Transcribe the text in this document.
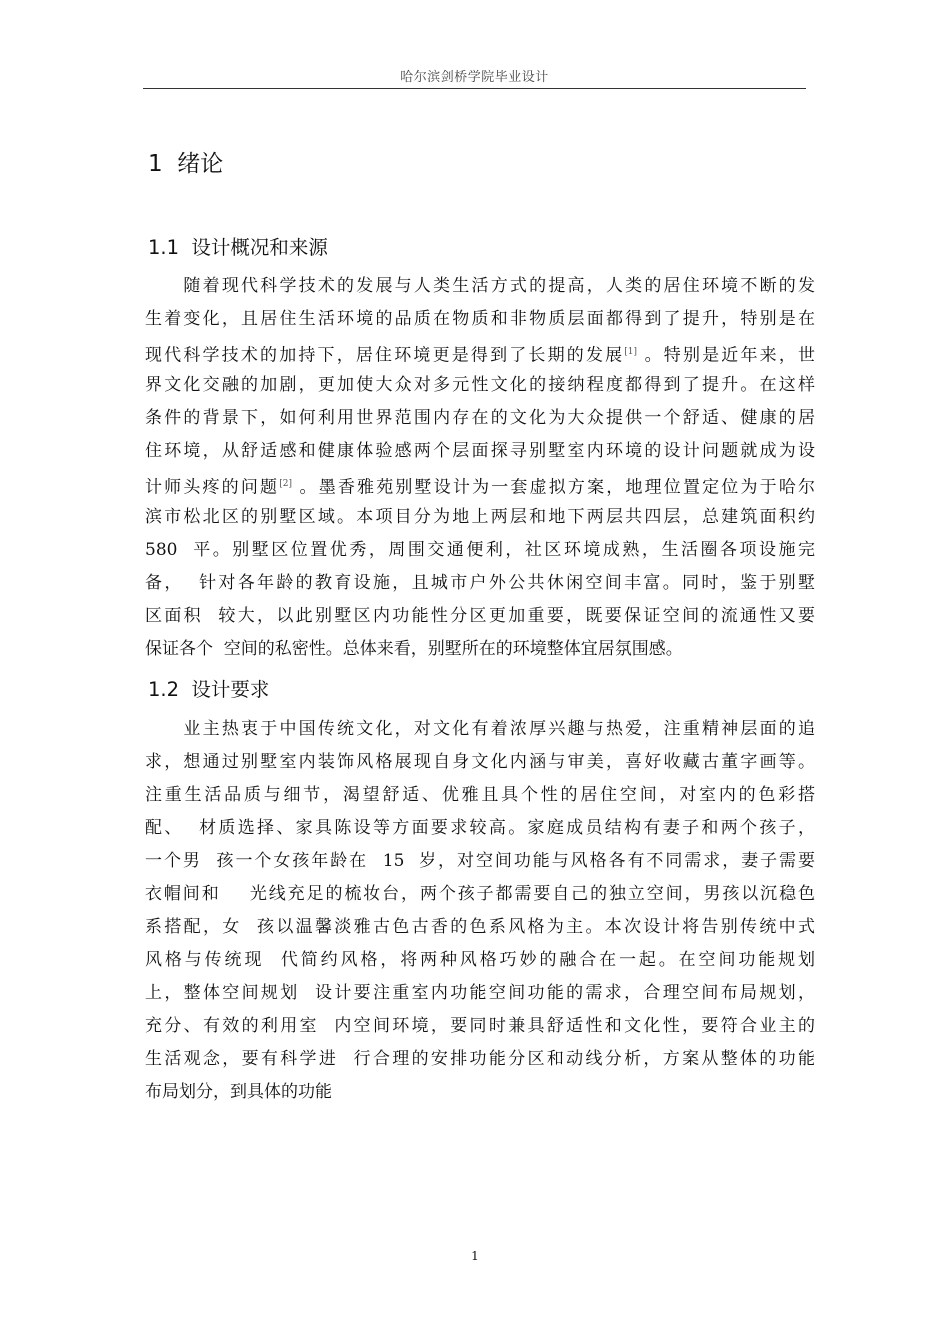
哈尔滨剑桥学院毕业设计
1  绪论
1.1  设计概况和来源
　　随着现代科学技术的发展与人类生活方式的提高，人类的居住环境不断的发
生着变化，且居住生活环境的品质在物质和非物质层面都得到了提升，特别是在
现代科学技术的加持下，居住环境更是得到了长期的发展[1] 。特别是近年来，世
界文化交融的加剧，更加使大众对多元性文化的接纳程度都得到了提升。在这样
条件的背景下，如何利用世界范围内存在的文化为大众提供一个舒适、健康的居
住环境，从舒适感和健康体验感两个层面探寻别墅室内环境的设计问题就成为设
计师头疼的问题[2] 。墨香雅苑别墅设计为一套虚拟方案，地理位置定位为于哈尔
滨市松北区的别墅区域。本项目分为地上两层和地下两层共四层，总建筑面积约
580  平。别墅区位置优秀，周围交通便利，社区环境成熟，生活圈各项设施完
备，  针对各年龄的教育设施，且城市户外公共休闲空间丰富。同时，鉴于别墅
区面积  较大，以此别墅区内功能性分区更加重要，既要保证空间的流通性又要
保证各个  空间的私密性。总体来看，别墅所在的环境整体宜居氛围感。
1.2  设计要求
　　业主热衷于中国传统文化，对文化有着浓厚兴趣与热爱，注重精神层面的追
求，想通过别墅室内装饰风格展现自身文化内涵与审美，喜好收藏古董字画等。
注重生活品质与细节，渴望舒适、优雅且具个性的居住空间，对室内的色彩搭
配、  材质选择、家具陈设等方面要求较高。家庭成员结构有妻子和两个孩子，
一个男  孩一个女孩年龄在  15  岁，对空间功能与风格各有不同需求，妻子需要
衣帽间和    光线充足的梳妆台，两个孩子都需要自己的独立空间，男孩以沉稳色
系搭配，女  孩以温馨淡雅古色古香的色系风格为主。本次设计将告别传统中式
风格与传统现  代简约风格，将两种风格巧妙的融合在一起。在空间功能规划
上，整体空间规划  设计要注重室内功能空间功能的需求，合理空间布局规划，
充分、有效的利用室  内空间环境，要同时兼具舒适性和文化性，要符合业主的
生活观念，要有科学进  行合理的安排功能分区和动线分析，方案从整体的功能
布局划分，到具体的功能
1
